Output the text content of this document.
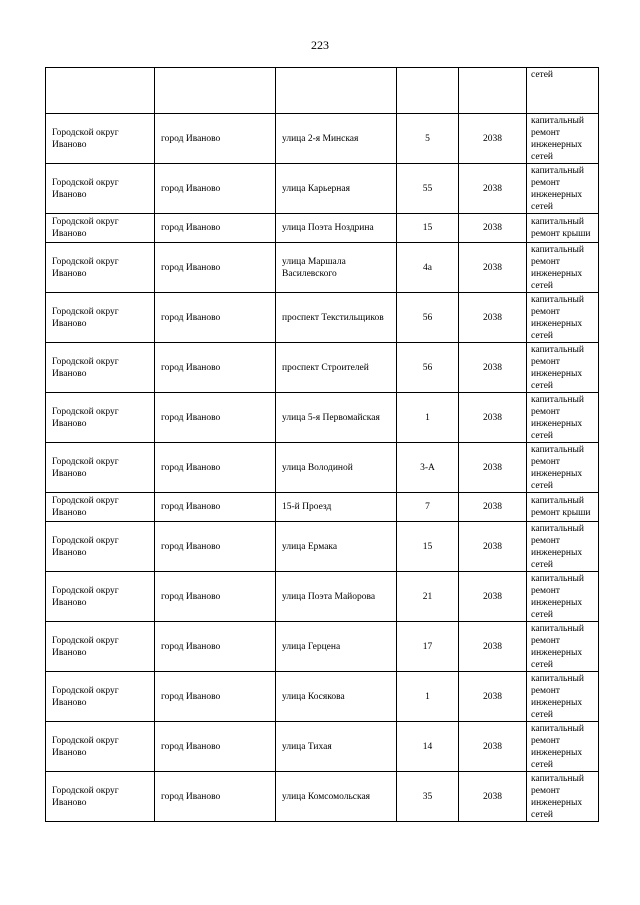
223
					сетей
Городской округ Иваново	город Иваново	улица 2-я Минская	5	2038	капитальный ремонт инженерных сетей
Городской округ Иваново	город Иваново	улица Карьерная	55	2038	капитальный ремонт инженерных сетей
Городской округ Иваново	город Иваново	улица Поэта Ноздрина	15	2038	капитальный ремонт крыши
Городской округ Иваново	город Иваново	улица Маршала Василевского	4а	2038	капитальный ремонт инженерных сетей
Городской округ Иваново	город Иваново	проспект Текстильщиков	56	2038	капитальный ремонт инженерных сетей
Городской округ Иваново	город Иваново	проспект Строителей	56	2038	капитальный ремонт инженерных сетей
Городской округ Иваново	город Иваново	улица 5-я Первомайская	1	2038	капитальный ремонт инженерных сетей
Городской округ Иваново	город Иваново	улица Володиной	3-А	2038	капитальный ремонт инженерных сетей
Городской округ Иваново	город Иваново	15-й Проезд	7	2038	капитальный ремонт крыши
Городской округ Иваново	город Иваново	улица Ермака	15	2038	капитальный ремонт инженерных сетей
Городской округ Иваново	город Иваново	улица Поэта Майорова	21	2038	капитальный ремонт инженерных сетей
Городской округ Иваново	город Иваново	улица Герцена	17	2038	капитальный ремонт инженерных сетей
Городской округ Иваново	город Иваново	улица Косякова	1	2038	капитальный ремонт инженерных сетей
Городской округ Иваново	город Иваново	улица Тихая	14	2038	капитальный ремонт инженерных сетей
Городской округ Иваново	город Иваново	улица Комсомольская	35	2038	капитальный ремонт инженерных сетей
